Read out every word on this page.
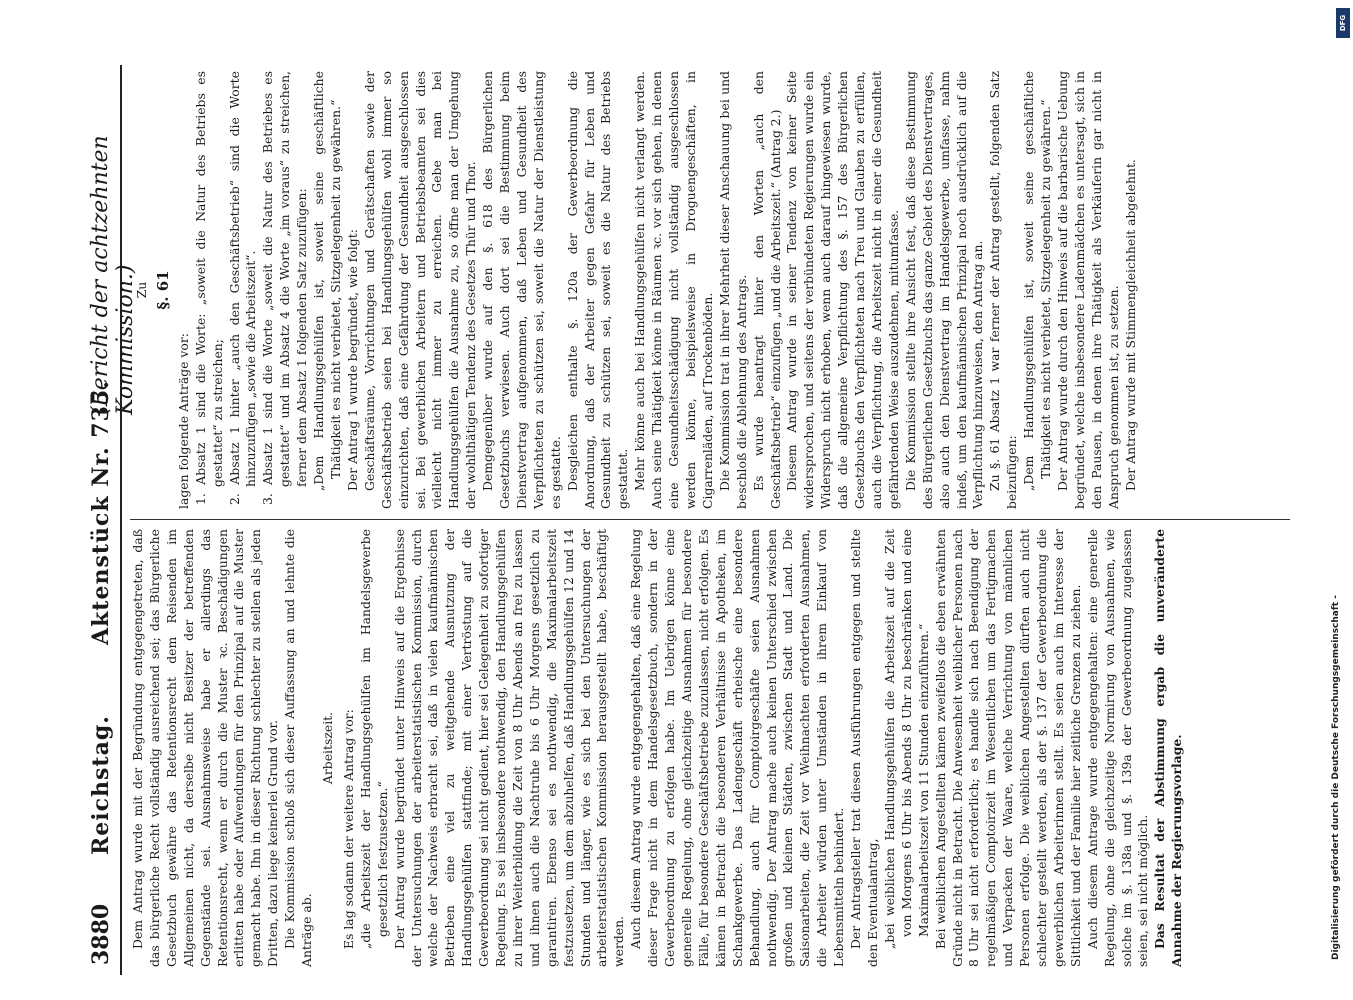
3880
Reichstag.
Aktenstück Nr. 735.
(Bericht der achtzehnten Kommission.)

Dem Antrag wurde mit der Begründung entgegengetreten, daß das bürgerliche Recht vollständig ausreichend sei; das Bürgerliche Gesetzbuch gewähre das Retentionsrecht dem Reisenden im Allgemeinen nicht, da derselbe nicht Besitzer der betreffenden Gegenstände sei. Ausnahmsweise habe er allerdings das Retentionsrecht, wenn er durch die Muster ꝛc. Beschädigungen erlitten habe oder Aufwendungen für den Prinzipal auf die Muster gemacht habe. Ihn in dieser Richtung schlechter zu stellen als jeden Dritten, dazu liege keinerlei Grund vor. Die Kommission schloß sich dieser Auffassung an und lehnte die Anträge ab.

Arbeitszeit. Es lag sodann der weitere Antrag vor: „die Arbeitszeit der Handlungsgehülfen im Handelsgewerbe gesetzlich festzusetzen.“ Der Antrag wurde begründet unter Hinweis auf die Ergebnisse der Untersuchungen der arbeiterstatistischen Kommission, durch welche der Nachweis erbracht sei, daß in vielen kaufmännischen Betrieben eine viel zu weitgehende Ausnutzung der Handlungsgehülfen stattfinde; mit einer Vertröstung auf die Gewerbeordnung sei nicht gedient, hier sei Gelegenheit zu sofortiger Regelung. Es sei insbesondere nothwendig, den Handlungsgehülfen zu ihrer Weiterbildung die Zeit von 8 Uhr Abends an frei zu lassen und ihnen auch die Nachtruhe bis 6 Uhr Morgens gesetzlich zu garantiren. Ebenso sei es nothwendig, die Maximalarbeitszeit festzusetzen, um dem abzuhelfen, daß Handlungsgehülfen 12 und 14 Stunden und länger, wie es sich bei den Untersuchungen der arbeiterstatistischen Kommission herausgestellt habe, beschäftigt werden. Auch diesem Antrag wurde entgegengehalten, daß eine Regelung dieser Frage nicht in dem Handelsgesetzbuch, sondern in der Gewerbeordnung zu erfolgen habe. Im Uebrigen könne eine generelle Regelung, ohne gleichzeitige Ausnahmen für besondere Fälle, für besondere Geschäftsbetriebe zuzulassen, nicht erfolgen. Es kämen in Betracht die besonderen Verhältnisse in Apotheken, im Schankgewerbe. Das Ladengeschäft erheische eine besondere Behandlung, auch für Comptoirgeschäfte seien Ausnahmen nothwendig. Der Antrag mache auch keinen Unterschied zwischen großen und kleinen Städten, zwischen Stadt und Land. Die Saisonarbeiten, die Zeit vor Weihnachten erforderten Ausnahmen, die Arbeiter würden unter Umständen in ihrem Einkauf von Lebensmitteln behindert. Der Antragsteller trat diesen Ausführungen entgegen und stellte den Eventualantrag, „bei weiblichen Handlungsgehülfen die Arbeitszeit auf die Zeit von Morgens 6 Uhr bis Abends 8 Uhr zu beschränken und eine Maximalarbeitszeit von 11 Stunden einzuführen.“ Bei weiblichen Angestellten kämen zweifellos die eben erwähnten Gründe nicht in Betracht. Die Anwesenheit weiblicher Personen nach 8 Uhr sei nicht erforderlich; es handle sich nach Beendigung der regelmäßigen Comptoirzeit im Wesentlichen um das Fertigmachen und Verpacken der Waare, welche Verrichtung von männlichen Personen erfolge. Die weiblichen Angestellten dürften auch nicht schlechter gestellt werden, als der §. 137 der Gewerbeordnung die gewerblichen Arbeiterinnen stellt. Es seien auch im Interesse der Sittlichkeit und der Familie hier zeitliche Grenzen zu ziehen. Auch diesem Antrage wurde entgegengehalten: eine generelle Regelung, ohne die gleichzeitige Normirung von Ausnahmen, wie solche im §. 138a und §. 139a der Gewerbeordnung zugelassen seien, sei nicht möglich. Das Resultat der Abstimmung ergab die unveränderte Annahme der Regierungsvorlage.

Zu §. 61

lagen folgende Anträge vor: 1. Absatz 1 sind die Worte: „soweit die Natur des Betriebs es gestattet“ zu streichen; 2. Absatz 1 hinter „auch den Geschäftsbetrieb“ sind die Worte hinzuzufügen „sowie die Arbeitszeit“. 3. Absatz 1 sind die Worte „soweit die Natur des Betriebes es gestattet“ und im Absatz 4 die Worte „im voraus“ zu streichen, ferner dem Absatz 1 folgenden Satz zuzufügen: „Dem Handlungsgehülfen ist, soweit seine geschäftliche Thätigkeit es nicht verbietet, Sitzgelegenheit zu gewähren.“ Der Antrag 1 wurde begründet, wie folgt: Geschäftsräume, Vorrichtungen und Gerätschaften sowie der Geschäftsbetrieb seien bei Handlungsgehülfen wohl immer so einzurichten, daß eine Gefährdung der Gesundheit ausgeschlossen sei. Bei gewerblichen Arbeitern und Betriebsbeamten sei dies vielleicht nicht immer zu erreichen. Gebe man bei Handlungsgehülfen die Ausnahme zu, so öffne man der Umgehung der wohlthätigen Tendenz des Gesetzes Thür und Thor. Demgegenüber wurde auf den §. 618 des Bürgerlichen Gesetzbuchs verwiesen. Auch dort sei die Bestimmung beim Dienstvertrag aufgenommen, daß Leben und Gesundheit des Verpflichteten zu schützen sei, soweit die Natur der Dienstleistung es gestatte. Desgleichen enthalte §. 120a der Gewerbeordnung die Anordnung, daß der Arbeiter gegen Gefahr für Leben und Gesundheit zu schützen sei, soweit es die Natur des Betriebs gestattet. Mehr könne auch bei Handlungsgehülfen nicht verlangt werden. Auch seine Thätigkeit könne in Räumen ꝛc. vor sich gehen, in denen eine Gesundheitsschädigung nicht vollständig ausgeschlossen werden könne, beispielsweise in Droguengeschäften, in Cigarrenläden, auf Trockenböden. Die Kommission trat in ihrer Mehrheit dieser Anschauung bei und beschloß die Ablehnung des Antrags. Es wurde beantragt hinter den Worten „auch den Geschäftsbetrieb“ einzufügen „und die Arbeitszeit.“ (Antrag 2.) Diesem Antrag wurde in seiner Tendenz von keiner Seite widersprochen, und seitens der verbündeten Regierungen wurde ein Widerspruch nicht erhoben, wenn auch darauf hingewiesen wurde, daß die allgemeine Verpflichtung des §. 157 des Bürgerlichen Gesetzbuchs den Verpflichteten nach Treu und Glauben zu erfüllen, auch die Verpflichtung, die Arbeitszeit nicht in einer die Gesundheit gefährdenden Weise auszudehnen, mitumfasse. Die Kommission stellte ihre Ansicht fest, daß diese Bestimmung des Bürgerlichen Gesetzbuchs das ganze Gebiet des Dienstvertrages, also auch den Dienstvertrag im Handelsgewerbe, umfasse, nahm indeß, um den kaufmännischen Prinzipal noch ausdrücklich auf die Verpflichtung hinzuweisen, den Antrag an. Zu §. 61 Absatz 1 war ferner der Antrag gestellt, folgenden Satz beizufügen: „Dem Handlungsgehülfen ist, soweit seine geschäftliche Thätigkeit es nicht verbietet, Sitzgelegenheit zu gewähren.“ Der Antrag wurde durch den Hinweis auf die barbarische Uebung begründet, welche insbesondere Ladenmädchen es untersagt, sich in den Pausen, in denen ihre Thätigkeit als Verkäuferin gar nicht in Anspruch genommen ist, zu setzen. Der Antrag wurde mit Stimmengleichheit abgelehnt.

DFG
Digitalisierung gefördert durch die Deutsche Forschungsgemeinschaft -
